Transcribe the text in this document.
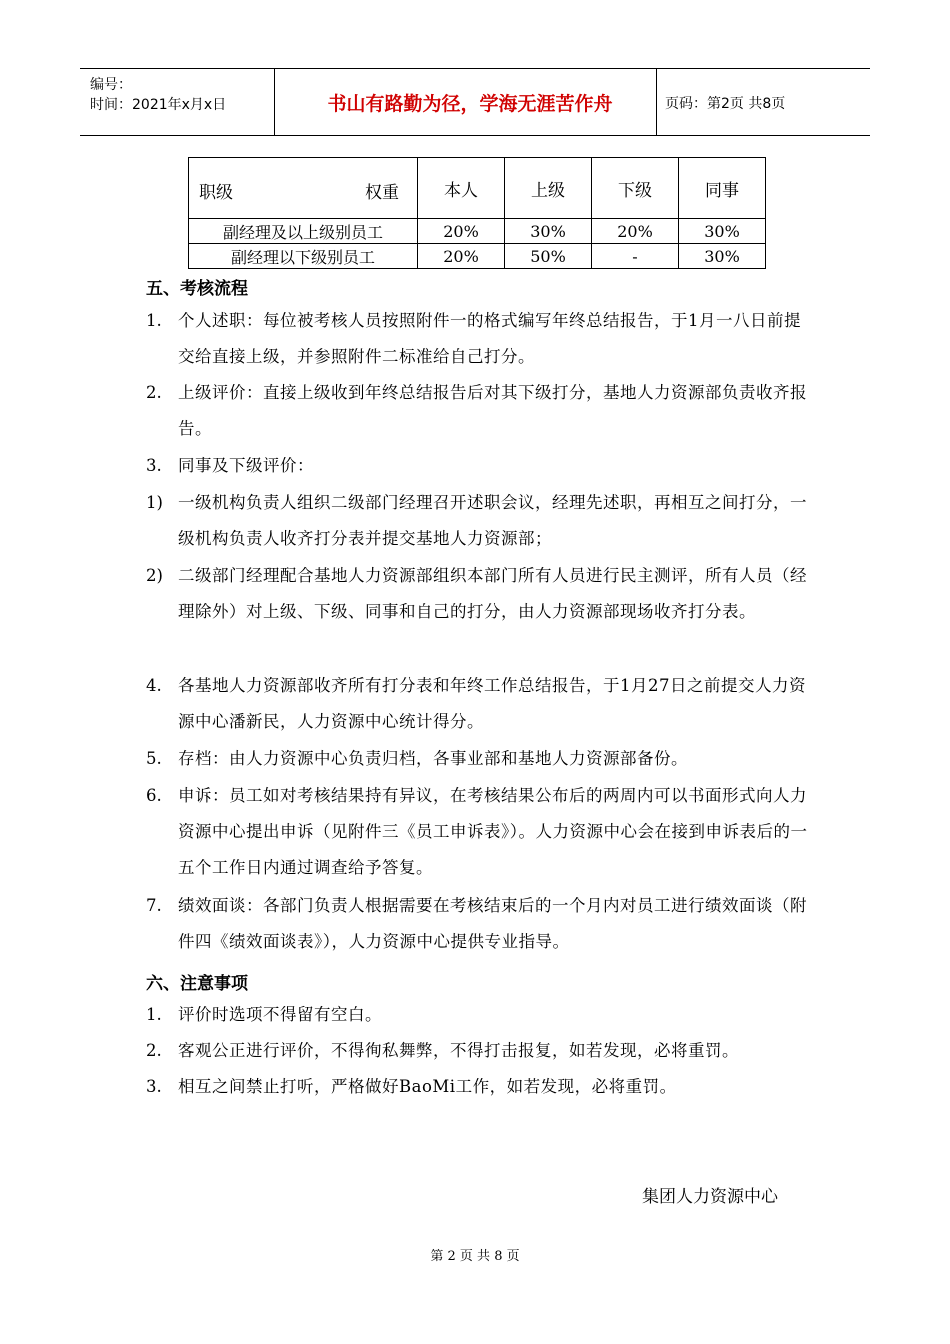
编号：
时间：2021年x月x日	书山有路勤为径，学海无涯苦作舟	页码：第2页 共8页
职级 权重	本人	上级	下级	同事
副经理及以上级别员工	20%	30%	20%	30%
副经理以下级别员工	20%	50%	-	30%
五、考核流程
1. 个人述职：每位被考核人员按照附件一的格式编写年终总结报告，于1月一八日前提交给直接上级，并参照附件二标准给自己打分。
2. 上级评价：直接上级收到年终总结报告后对其下级打分，基地人力资源部负责收齐报告。
3. 同事及下级评价：
1) 一级机构负责人组织二级部门经理召开述职会议，经理先述职，再相互之间打分，一级机构负责人收齐打分表并提交基地人力资源部；
2) 二级部门经理配合基地人力资源部组织本部门所有人员进行民主测评，所有人员（经理除外）对上级、下级、同事和自己的打分，由人力资源部现场收齐打分表。
4. 各基地人力资源部收齐所有打分表和年终工作总结报告，于1月27日之前提交人力资源中心潘新民，人力资源中心统计得分。
5. 存档：由人力资源中心负责归档，各事业部和基地人力资源部备份。
6. 申诉：员工如对考核结果持有异议，在考核结果公布后的两周内可以书面形式向人力资源中心提出申诉（见附件三《员工申诉表》）。人力资源中心会在接到申诉表后的一五个工作日内通过调查给予答复。
7. 绩效面谈：各部门负责人根据需要在考核结束后的一个月内对员工进行绩效面谈（附件四《绩效面谈表》），人力资源中心提供专业指导。
六、注意事项
1. 评价时选项不得留有空白。
2. 客观公正进行评价，不得徇私舞弊，不得打击报复，如若发现，必将重罚。
3. 相互之间禁止打听，严格做好BaoMi工作，如若发现，必将重罚。
集团人力资源中心
第 2 页 共 8 页
